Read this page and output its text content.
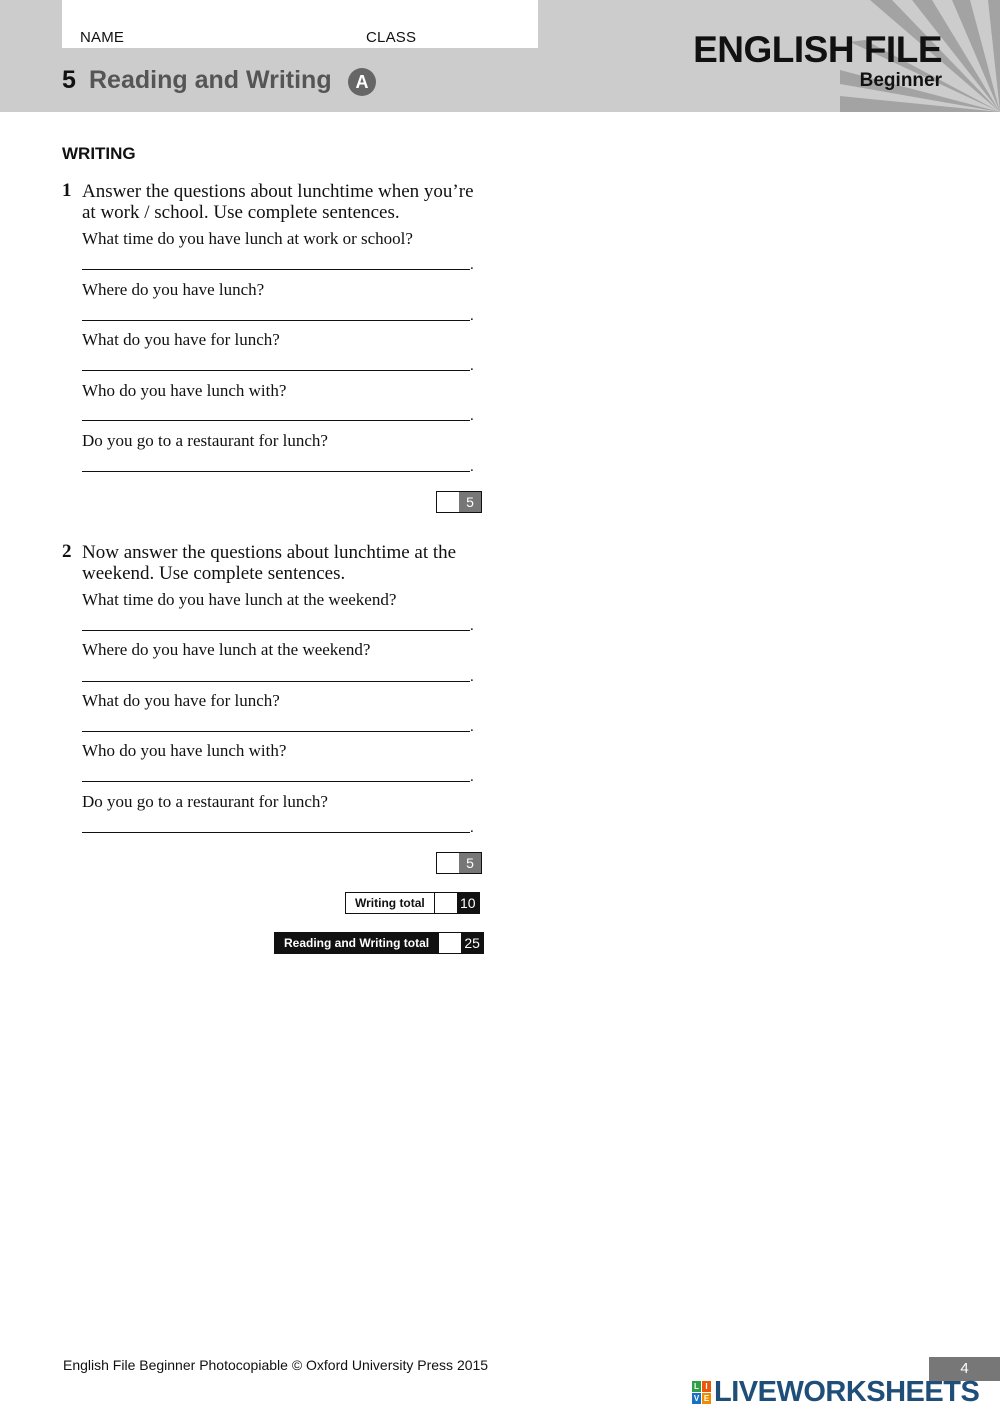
NAME	CLASS
5 Reading and Writing	A
ENGLISH FILE
Beginner
WRITING
1 Answer the questions about lunchtime when you’re at work / school. Use complete sentences.
What time do you have lunch at work or school?
.
Where do you have lunch?
.
What do you have for lunch?
.
Who do you have lunch with?
.
Do you go to a restaurant for lunch?
.
5
2 Now answer the questions about lunchtime at the weekend. Use complete sentences.
What time do you have lunch at the weekend?
.
Where do you have lunch at the weekend?
.
What do you have for lunch?
.
Who do you have lunch with?
.
Do you go to a restaurant for lunch?
.
5
Writing total	10
Reading and Writing total	25
English File Beginner Photocopiable © Oxford University Press 2015	4
L I
V E LIVEWORKSHEETS
